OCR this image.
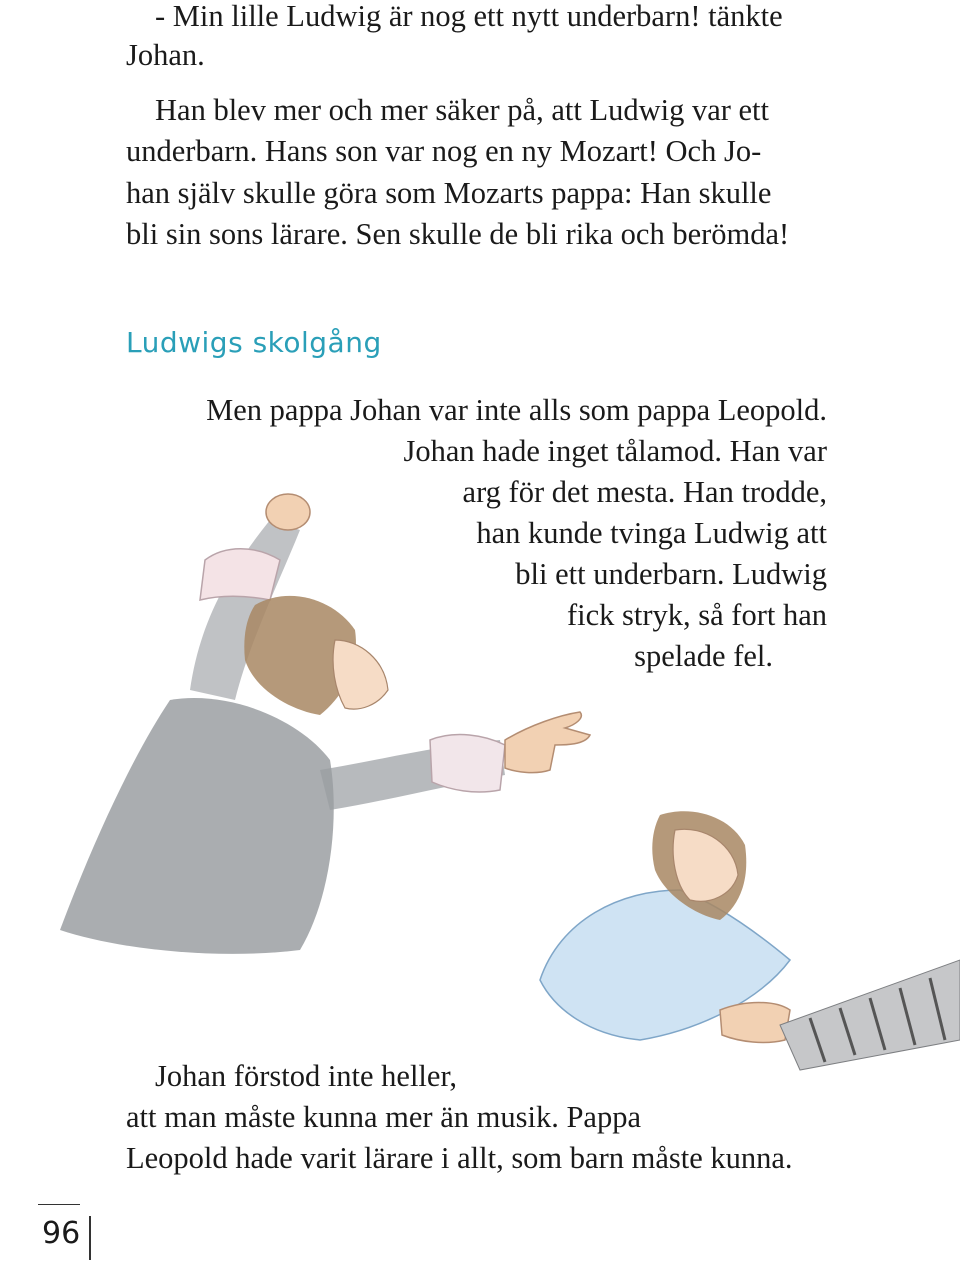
- Min lille Ludwig är nog ett nytt underbarn! tänkte

Johan.

Han blev mer och mer säker på, att Ludwig var ett

underbarn. Hans son var nog en ny Mozart! Och Jo-

han själv skulle göra som Mozarts pappa: Han skulle

bli sin sons lärare. Sen skulle de bli rika och berömda!

Ludwigs skolgång

Men pappa Johan var inte alls som pappa Leopold.

Johan hade inget tålamod. Han var

arg för det mesta. Han trodde,

han kunde tvinga Ludwig att

bli ett underbarn. Ludwig

fick stryk, så fort han

spelade fel.

Johan förstod inte heller,

att man måste kunna mer än musik. Pappa

Leopold hade varit lärare i allt, som barn måste kunna.

96
